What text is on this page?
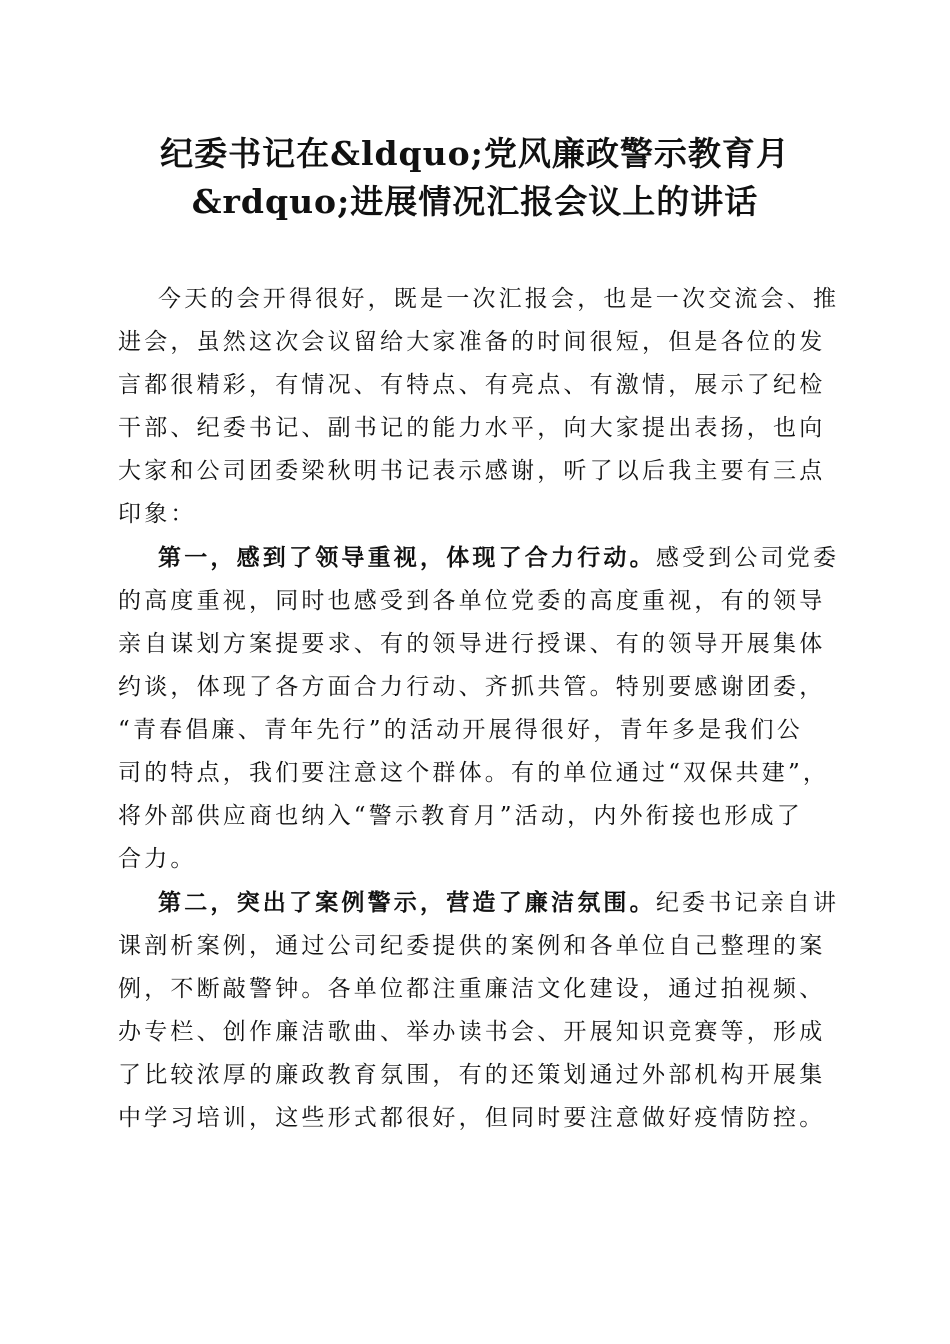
纪委书记在&ldquo;党风廉政警示教育月
&rdquo;进展情况汇报会议上的讲话

今天的会开得很好，既是一次汇报会，也是一次交流会、推
进会，虽然这次会议留给大家准备的时间很短，但是各位的发
言都很精彩，有情况、有特点、有亮点、有激情，展示了纪检
干部、纪委书记、副书记的能力水平，向大家提出表扬，也向
大家和公司团委梁秋明书记表示感谢，听了以后我主要有三点
印象：

第一，感到了领导重视，体现了合力行动。感受到公司党委
的高度重视，同时也感受到各单位党委的高度重视，有的领导
亲自谋划方案提要求、有的领导进行授课、有的领导开展集体
约谈，体现了各方面合力行动、齐抓共管。特别要感谢团委，
“青春倡廉、青年先行”的活动开展得很好，青年多是我们公
司的特点，我们要注意这个群体。有的单位通过“双保共建”，
将外部供应商也纳入“警示教育月”活动，内外衔接也形成了
合力。

第二，突出了案例警示，营造了廉洁氛围。纪委书记亲自讲
课剖析案例，通过公司纪委提供的案例和各单位自己整理的案
例，不断敲警钟。各单位都注重廉洁文化建设，通过拍视频、
办专栏、创作廉洁歌曲、举办读书会、开展知识竞赛等，形成
了比较浓厚的廉政教育氛围，有的还策划通过外部机构开展集
中学习培训，这些形式都很好，但同时要注意做好疫情防控。
